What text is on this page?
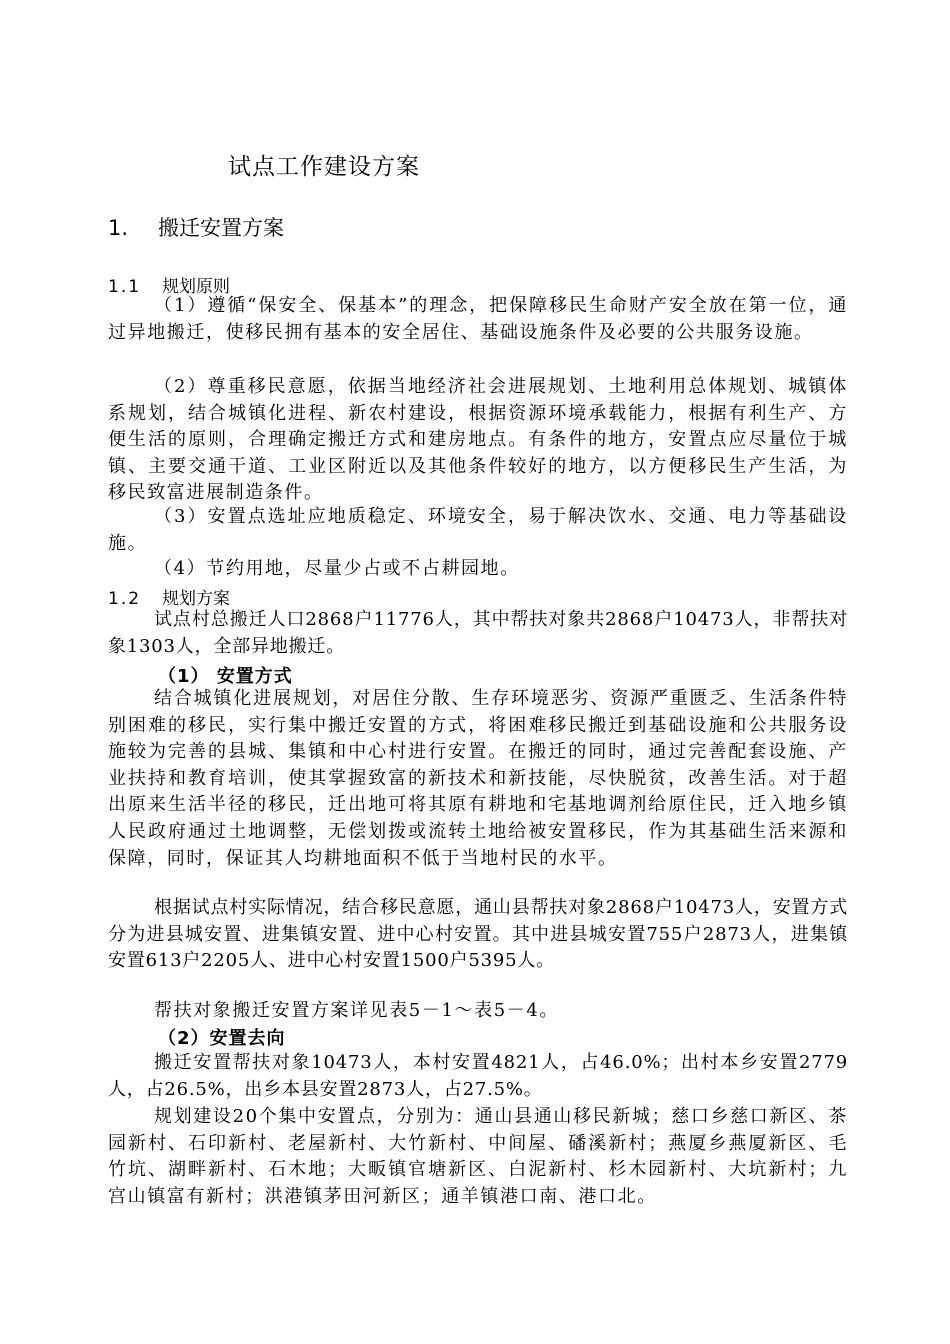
试点工作建设方案
1. 搬迁安置方案
1.1 规划原则
（1）遵循“保安全、保基本”的理念，把保障移民生命财产安全放在第一位，通过异地搬迁，使移民拥有基本的安全居住、基础设施条件及必要的公共服务设施。
（2）尊重移民意愿，依据当地经济社会进展规划、土地利用总体规划、城镇体系规划，结合城镇化进程、新农村建设，根据资源环境承载能力，根据有利生产、方便生活的原则，合理确定搬迁方式和建房地点。有条件的地方，安置点应尽量位于城镇、主要交通干道、工业区附近以及其他条件较好的地方，以方便移民生产生活，为移民致富进展制造条件。
（3）安置点选址应地质稳定、环境安全，易于解决饮水、交通、电力等基础设施。
（4）节约用地，尽量少占或不占耕园地。
1.2 规划方案
试点村总搬迁人口2868户11776人，其中帮扶对象共2868户10473人，非帮扶对象1303人，全部异地搬迁。
（1） 安置方式
结合城镇化进展规划，对居住分散、生存环境恶劣、资源严重匮乏、生活条件特别困难的移民，实行集中搬迁安置的方式，将困难移民搬迁到基础设施和公共服务设施较为完善的县城、集镇和中心村进行安置。在搬迁的同时，通过完善配套设施、产业扶持和教育培训，使其掌握致富的新技术和新技能，尽快脱贫，改善生活。对于超出原来生活半径的移民，迁出地可将其原有耕地和宅基地调剂给原住民，迁入地乡镇人民政府通过土地调整，无偿划拨或流转土地给被安置移民，作为其基础生活来源和保障，同时，保证其人均耕地面积不低于当地村民的水平。
根据试点村实际情况，结合移民意愿，通山县帮扶对象2868户10473人，安置方式分为进县城安置、进集镇安置、进中心村安置。其中进县城安置755户2873人，进集镇安置613户2205人、进中心村安置1500户5395人。
帮扶对象搬迁安置方案详见表5－1～表5－4。
（2）安置去向
搬迁安置帮扶对象10473人，本村安置4821人，占46.0%；出村本乡安置2779人，占26.5%，出乡本县安置2873人，占27.5%。
规划建设20个集中安置点，分别为：通山县通山移民新城；慈口乡慈口新区、茶园新村、石印新村、老屋新村、大竹新村、中间屋、磻溪新村；燕厦乡燕厦新区、毛竹坑、湖畔新村、石木地；大畈镇官塘新区、白泥新村、杉木园新村、大坑新村；九宫山镇富有新村；洪港镇茅田河新区；通羊镇港口南、港口北。
